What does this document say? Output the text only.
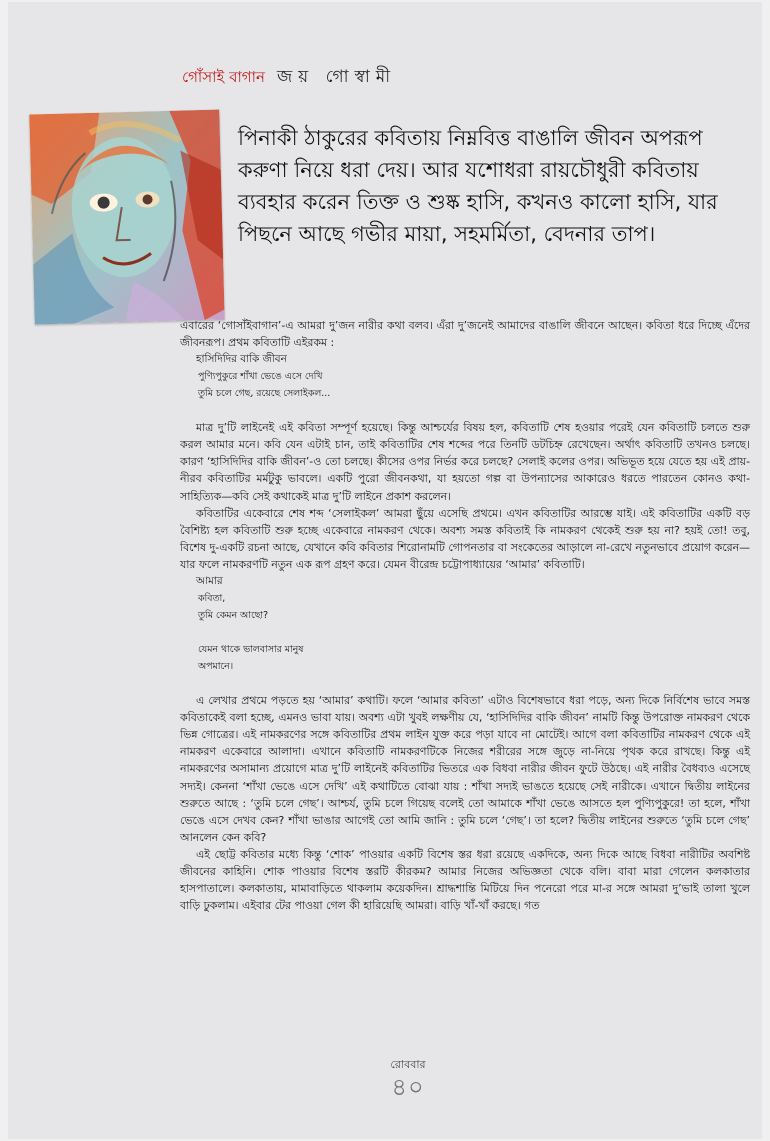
গোঁসাই বাগান জয় গোস্বামী
পিনাকী ঠাকুরের কবিতায় নিম্নবিত্ত বাঙালি জীবন অপরূপ করুণা নিয়ে ধরা দেয়। আর যশোধরা রায়চৌধুরী কবিতায় ব্যবহার করেন তিক্ত ও শুষ্ক হাসি, কখনও কালো হাসি, যার পিছনে আছে গভীর মায়া, সহমর্মিতা, বেদনার তাপ।

এবারের ‘গোসাঁইবাগান’-এ আমরা দু’জন নারীর কথা বলব। এঁরা দু’জনেই আমাদের বাঙালি জীবনে আছেন। কবিতা ধরে দিচ্ছে এঁদের জীবনরূপ। প্রথম কবিতাটি এইরকম :

হাসিদিদির বাকি জীবন
পুণ্যিপুকুরে শাঁখা ভেঙে এসে দেখি
তুমি চলে গেছ, রয়েছে সেলাইকল...

মাত্র দু’টি লাইনেই এই কবিতা সম্পূর্ণ হয়েছে। কিন্তু আশ্চর্যের বিষয় হল, কবিতাটি শেষ হওয়ার পরেই যেন কবিতাটি চলতে শুরু করল আমার মনে। কবি যেন এটাই চান, তাই কবিতাটির শেষ শব্দের পরে তিনটি ডটচিহ্ন রেখেছেন। অর্থাৎ কবিতাটি তখনও চলছে। কারণ ‘হাসিদিদির বাকি জীবন’-ও তো চলছে। কীসের ওপর নির্ভর করে চলছে? সেলাই কলের ওপর। অভিভূত হয়ে যেতে হয় এই প্রায়-নীরব কবিতাটির মর্মটুকু ভাবলে। একটি পুরো জীবনকথা, যা হয়তো গল্প বা উপন্যাসের আকারেও ধরতে পারতেন কোনও কথা-সাহিত্যিক—কবি সেই কথাকেই মাত্র দু’টি লাইনে প্রকাশ করলেন।

কবিতাটির একেবারে শেষ শব্দ ‘সেলাইকল’ আমরা ছুঁয়ে এসেছি প্রথমে। এখন কবিতাটির আরম্ভে যাই। এই কবিতাটির একটি বড় বৈশিষ্ট্য হল কবিতাটি শুরু হচ্ছে একেবারে নামকরণ থেকে। অবশ্য সমস্ত কবিতাই কি নামকরণ থেকেই শুরু হয় না? হয়ই তো! তবু, বিশেষ দু-একটি রচনা আছে, যেখানে কবি কবিতার শিরোনামটি গোপনতার বা সংকেতের আড়ালে না-রেখে নতুনভাবে প্রয়োগ করেন—যার ফলে নামকরণটি নতুন এক রূপ গ্রহণ করে। যেমন বীরেন্দ্র চট্টোপাধ্যায়ের ‘আমার’ কবিতাটি।

আমার
কবিতা,
তুমি কেমন আছো?
যেমন থাকে ভালবাসার মানুষ
অপমানে।

এ লেখার প্রথমে পড়তে হয় ‘আমার’ কথাটি। ফলে ‘আমার কবিতা’ এটাও বিশেষভাবে ধরা পড়ে, অন্য দিকে নির্বিশেষ ভাবে সমস্ত কবিতাকেই বলা হচ্ছে, এমনও ভাবা যায়। অবশ্য এটা খুবই লক্ষণীয় যে, ‘হাসিদিদির বাকি জীবন’ নামটি কিন্তু উপরোক্ত নামকরণ থেকে ভিন্ন গোত্রের। এই নামকরণের সঙ্গে কবিতাটির প্রথম লাইন যুক্ত করে পড়া যাবে না মোটেই। আগে বলা কবিতাটির নামকরণ থেকে এই নামকরণ একেবারে আলাদা। এখানে কবিতাটি নামকরণটিকে নিজের শরীরের সঙ্গে জুড়ে না-নিয়ে পৃথক করে রাখছে। কিন্তু এই নামকরণের অসামান্য প্রয়োগে মাত্র দু’টি লাইনেই কবিতাটির ভিতরে এক বিধবা নারীর জীবন ফুটে উঠছে। এই নারীর বৈধব্যও এসেছে সদ্যই। কেননা ‘শাঁখা ভেঙে এসে দেখি’ এই কথাটিতে বোঝা যায় : শাঁখা সদ্যই ভাঙতে হয়েছে সেই নারীকে। এখানে দ্বিতীয় লাইনের শুরুতে আছে : ‘তুমি চলে গেছ’। আশ্চর্য, তুমি চলে গিয়েছ বলেই তো আমাকে শাঁখা ভেঙে আসতে হল পুণ্যিপুকুরে! তা হলে, শাঁখা ভেঙে এসে দেখব কেন? শাঁখা ভাঙার আগেই তো আমি জানি : তুমি চলে ‘গেছ’। তা হলে? দ্বিতীয় লাইনের শুরুতে ‘তুমি চলে গেছ’ আনলেন কেন কবি?

এই ছোট্ট কবিতার মধ্যে কিন্তু ‘শোক’ পাওয়ার একটি বিশেষ স্তর ধরা রয়েছে একদিকে, অন্য দিকে আছে বিধবা নারীটির অবশিষ্ট জীবনের কাহিনি। শোক পাওয়ার বিশেষ স্তরটি কীরকম? আমার নিজের অভিজ্ঞতা থেকে বলি। বাবা মারা গেলেন কলকাতার হাসপাতালে। কলকাতায়, মামাবাড়িতে থাকলাম কয়েকদিন। শ্রাদ্ধশান্তি মিটিয়ে দিন পনেরো পরে মা-র সঙ্গে আমরা দু’ভাই তালা খুলে বাড়ি ঢুকলাম। এইবার টের পাওয়া গেল কী হারিয়েছি আমরা। বাড়ি খাঁ-খাঁ করছে। গত

রোববার
৪০
